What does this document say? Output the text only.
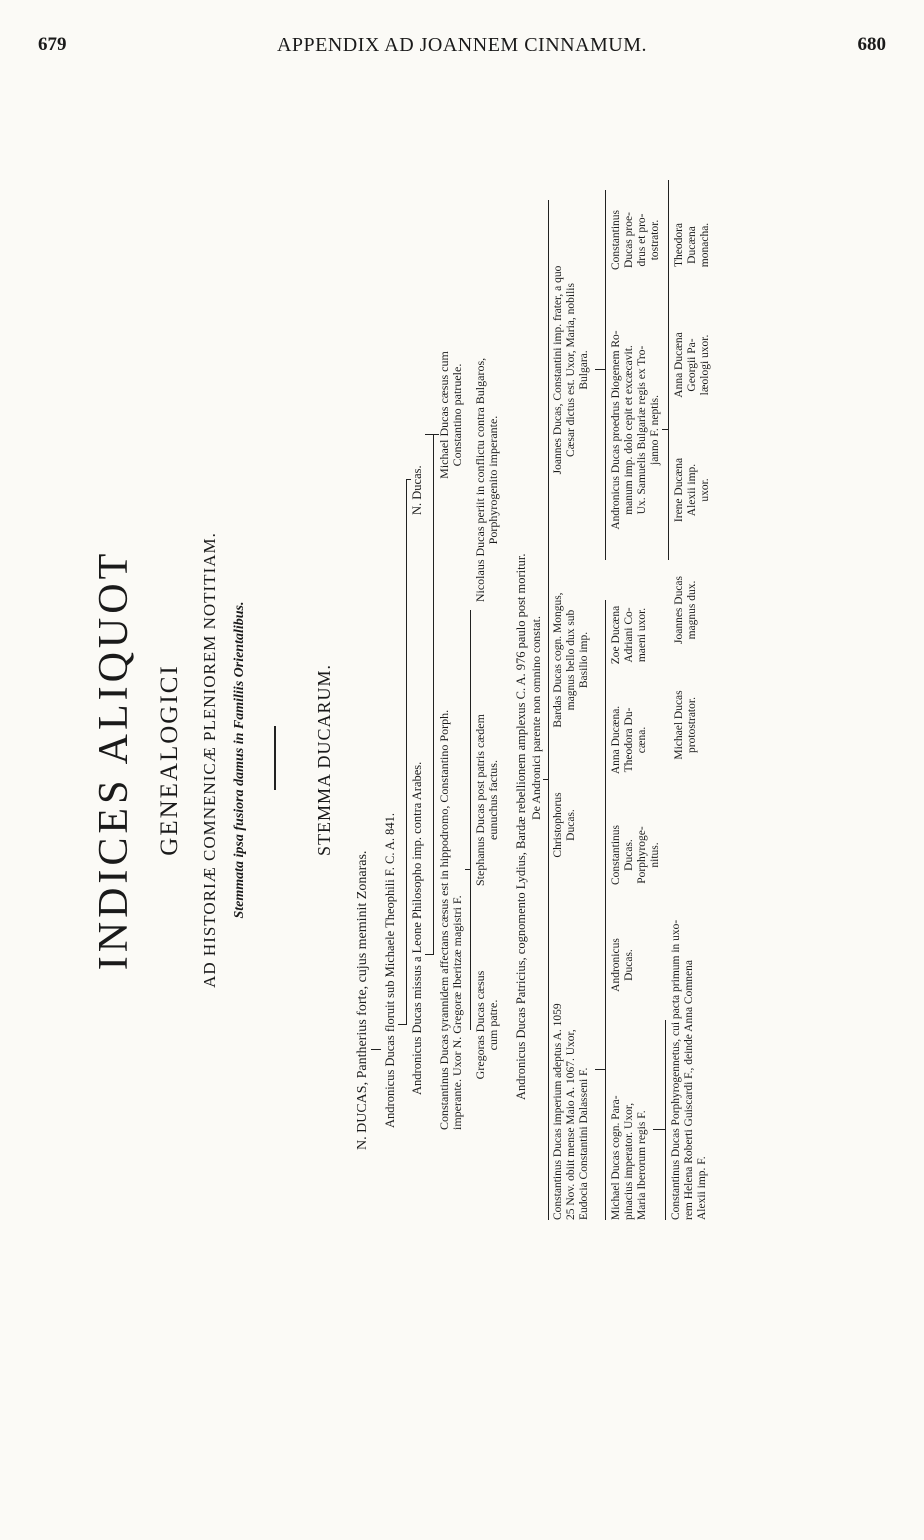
679	APPENDIX AD JOANNEM CINNAMUM.	680
INDICES ALIQUOT GENEALOGICI AD HISTORIÆ COMNENICÆ PLENIOREM NOTITIAM. Stemmata ipsa fusiora damus in Familiis Orientalibus.	STEMMA DUCARUM.
N. DUCAS, Pantherius forte, cujus meminit Zonaras. Andronicus Ducas floruit sub Michaele Theophili F. C. A. 841. Andronicus Ducas missus a Leone Philosopho imp. contra Arabes.
N. Ducas.
Constantinus Ducas tyrannidem affectans cæsus est in hippodromo, Constantino Porph.
imperante. Uxor N. Gregoræ Iberitzæ magistri F.
Michael Ducas cæsus cum
Constantino patruele.
Gregoras Ducas cæsus
cum patre.
Stephanus Ducas post patris cædem
eunuchus factus.
Nicolaus Ducas periit in conflictu contra Bulgaros,
Porphyrogenito imperante.
Andronicus Ducas Patricius, cognomento Lydius, Bardæ rebellionem amplexus C. A. 976 paulo post moritur. De Andronici parente non omnino constat.
Constantinus Ducas imperium adeptus A. 1059
25 Nov. obiit mense Maio A. 1067. Uxor,
Eudocia Constantini Dalasseni F.
Christophorus
Ducas.
Bardas Ducas cogn. Mongus,
magnus bello dux sub
Basilio imp.
Joannes Ducas, Constantini imp. frater, a quo
Cæsar dictus est. Uxor, Maria, nobilis
Bulgara.
Michael Ducas cogn. Para-
pinacius imperator. Uxor,
Maria Iberorum regis F.
Andronicus
Ducas.
Constantinus
Ducas.
Porphyroge-
nitus.
Anna Ducæna.
Theodora Du-
cæna.
Zoe Ducæna
Adriani Co-
maeni uxor.
Andronicus Ducas proedrus Diogenem Ro-
manum imp. dolo cepit et excæcavit.
Ux. Samuelis Bulgariæ regis ex Tro-
janno F. neptis.
Constantinus
Ducas proe-
drus et pro-
tostrator.
Constantinus Ducas Porphyrogennetus, cui pacta primum in uxo-
rem Helena Roberti Guiscardi F., deinde Anna Comnena
Alexii imp. F.
Michael Ducas
protostrator.
Joannes Ducas
magnus dux.
Irene Ducæna
Alexii imp.
uxor.
Anna Ducæna
Georgii Pa-
læologi uxor.
Theodora
Ducæna
monacha.
